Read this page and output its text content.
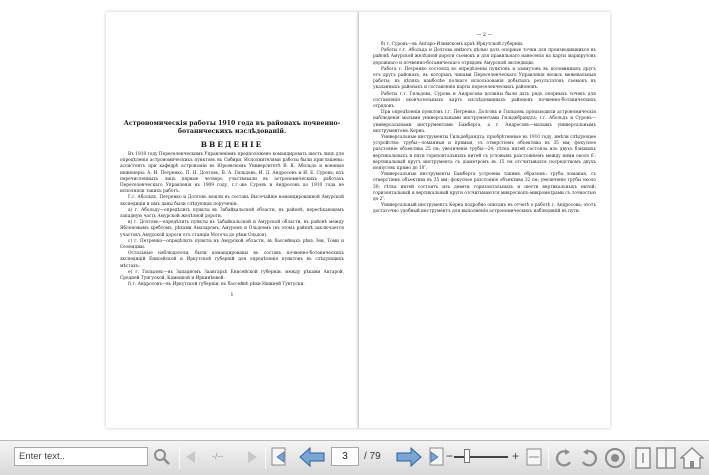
Астрономическiя работы 1910 года въ районахъ почвенно-ботаническихъ изслѣдованiй.
ВВЕДЕНIЕ

Въ 1910 году Переселенческимъ Управленiемъ предположено командировать шесть лицъ для опредѣленiя астрономическихъ пунктовъ въ Сибири. Исполнителями работы были приглашены: ассистентъ при кафедрѣ астрономiи въ Юрьевскомъ Университетѣ В. К. Абольдъ и военные инженеры: А. И. Петренко, П. Н. Долговъ, В. А. Гильдовъ, И. Д. Андросовъ и И. Е. Суровъ; изъ перечисленныхъ лицъ первые четверо участвовали въ астрономическихъ работахъ Переселенческаго Управленiя въ 1909 году, г.г.-же Суровъ и Андросовъ до 1910 года не исполняли такихъ работъ.

Г.г. Абольдъ, Петренко и Долговъ вошли въ составъ Высочайше командированной Амурской экспедицiи и имъ даны были слѣдующiя порученiя:

а) г. Абольду—опредѣлить пункты въ Забайкальской области, въ районѣ, пересѣкающемъ западную часть Амурской желѣзной дороги.

в) г. Долговъ—опредѣлить пункты въ Забайкальской и Амурской области, въ районѣ между Яблоновымъ хребтомъ, рѣками Амазаромъ, Амуромъ и Ольдоемъ (въ этомъ районѣ заключается участокъ Амурской дороги отъ станцiи Могоча до рѣки Ольдоя).

с) г. Петренко—опредѣлить пункты въ Амурской области, въ бассейнахъ рѣкъ Зеи, Томи и Селемджи.

Остальные наблюдатели, были командированы въ составъ почвенно-ботаническихъ экспедицiй Енисейской и Иркутской губернiй для опредѣленiя пунктовъ въ слѣдующихъ мѣстахъ:

е) г. Гильдовъ—въ Западномъ Заангарьѣ Енисейской губернiи, между рѣками Ангарой, Средней Тунгуской, Каменкой и Иркинѣевой.

f) г. Андросовъ—въ Иркутской губернiи, въ бассейнѣ рѣки Нижней Тунгуски.

1
— 2 —

б) г. Суровъ—въ Ангаро-Илимскомъ краѣ Иркутской губернiи.

Работы г.г. Абольда и Долгова имѣютъ цѣлью дать опорные точки для производившихся въ районѣ Амурской желѣзной дороги съемокъ и для правильнаго нанесенiя на карты маршрутовъ дорожнаго и почвенно-ботаническаго отрядовъ Амурской экспедицiи.

Работа г. Петренко состояла въ опредѣленiи пунктовъ и азимутовъ въ половинныхъ другъ отъ друга районахъ, въ которыхъ чинами Переселенческаго Управленiя велись межевальныя работы; въ цѣляхъ наиболѣе полнаго использованiя добытыхъ результатовъ съемокъ въ указанныхъ районахъ и составленiя карты переселенческихъ районовъ.

Работы г.г. Гильдова, Сурова и Андросова должны были дать рядъ опорныхъ точекъ для составленiя окончательныхъ картъ изслѣдованныхъ районовъ почвенно-ботаническихъ отрядовъ.

При опредѣленiи пунктовъ г.г. Петренко, Долговъ и Гильдовъ производили астрономическiя наблюденiя малыми универсальными инструментами Гильдебрандта; г.г. Абольдъ и Суровъ—универсальными инструментами Бамберга, а г. Андросовъ—малымъ универсальнымъ инструментомъ Керна.

Универсальные инструменты Гильдебрандта, прiобрѣтенные въ 1910 году, имѣли слѣдующее устройство: трубы—ломанныя и прямыя, съ отверстiемъ объектива въ 35 мм; фокусное разстоянiе объектива 25 см; увеличенiе трубы—24; сѣтка нитей состояла изъ двухъ близкихъ вертикальныхъ и пяти горизонтальныхъ нитей съ угловымъ разстоянiемъ между ними около 6′; вертикальный кругъ инструмента съ дiаметромъ въ 15 см отсчитывался посредствомъ двухъ нонiусовъ прямо до 10″.

Универсальные инструменты Бамберга устроены такимъ образомъ: труба ломаная, съ отверстiемъ объектива въ 35 мм; фокусное разстоянiе объектива 32 см; увеличенiе трубы около 30; сѣтка нитей состоитъ изъ девяти горизонтальныхъ и шести вертикальныхъ нитей; горизонтальный и вертикальный круги отсчитываются микроскопъ-микрометрами съ точностью до 2″.

Универсальный инструментъ Керна подробно описанъ въ отчетѣ о работѣ г. Андросова; этотъ достаточно удобный инструментъ для выполненiя астрономическихъ наблюденiй въ пути.

Enter text..
-/--
3	/ 79	−	+
